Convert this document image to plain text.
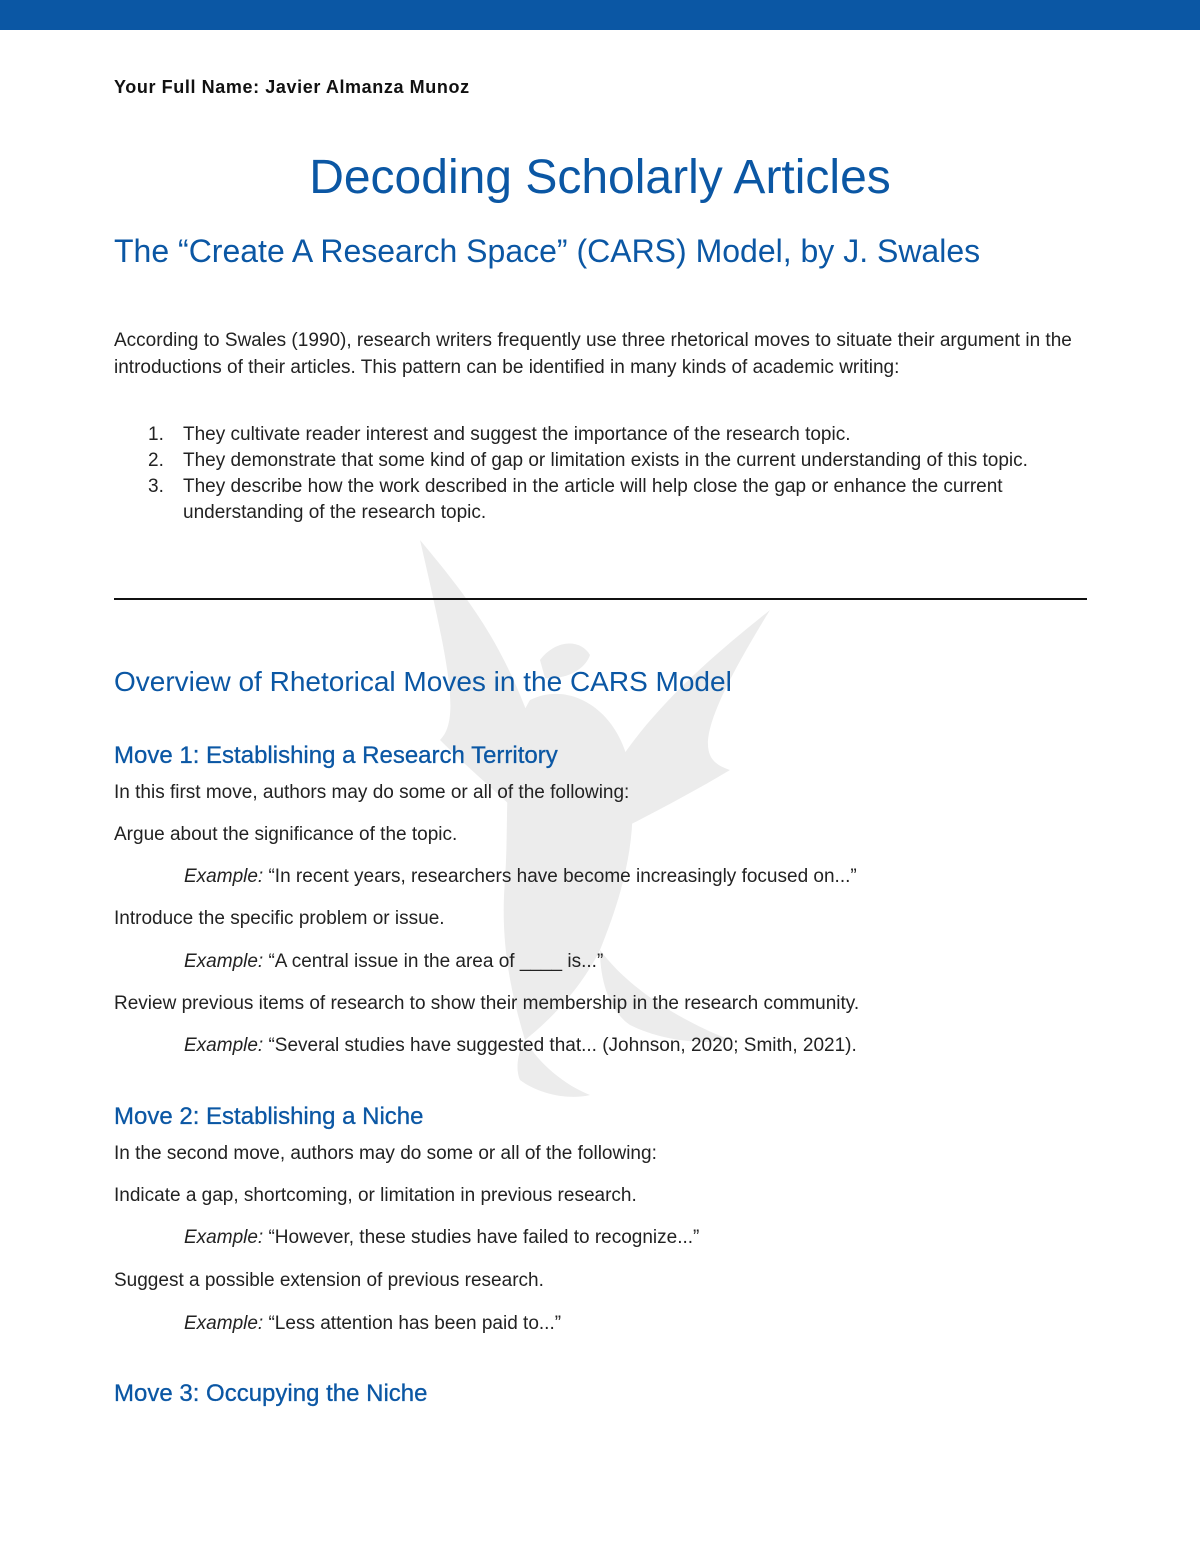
Your Full Name: Javier Almanza Munoz
Decoding Scholarly Articles
The “Create A Research Space” (CARS) Model, by J. Swales
According to Swales (1990), research writers frequently use three rhetorical moves to situate their argument in the introductions of their articles. This pattern can be identified in many kinds of academic writing:
1. They cultivate reader interest and suggest the importance of the research topic.
2. They demonstrate that some kind of gap or limitation exists in the current understanding of this topic.
3. They describe how the work described in the article will help close the gap or enhance the current understanding of the research topic.
Overview of Rhetorical Moves in the CARS Model
Move 1: Establishing a Research Territory
In this first move, authors may do some or all of the following:
Argue about the significance of the topic.
Example: “In recent years, researchers have become increasingly focused on...”
Introduce the specific problem or issue.
Example: “A central issue in the area of ____ is...”
Review previous items of research to show their membership in the research community.
Example: “Several studies have suggested that... (Johnson, 2020; Smith, 2021).
Move 2: Establishing a Niche
In the second move, authors may do some or all of the following:
Indicate a gap, shortcoming, or limitation in previous research.
Example: “However, these studies have failed to recognize...”
Suggest a possible extension of previous research.
Example: “Less attention has been paid to...”
Move 3: Occupying the Niche
